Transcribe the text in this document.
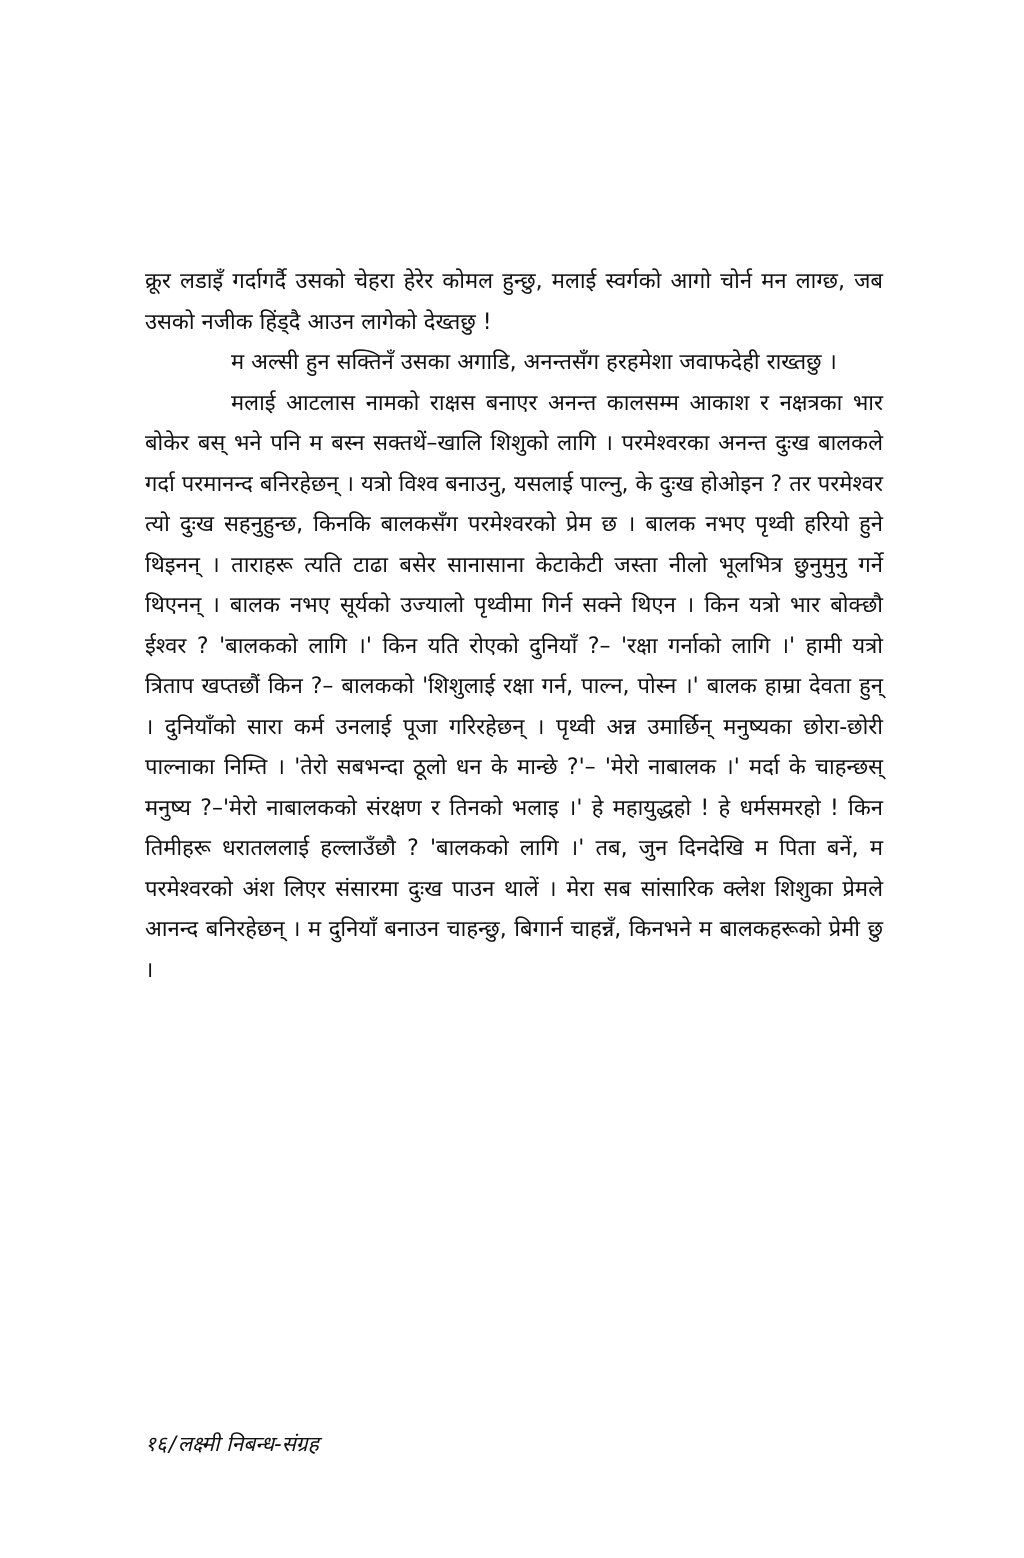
क्रूर लडाइँ गर्दागर्दै उसको चेहरा हेरेर कोमल हुन्छु, मलाई स्वर्गको आगो चोर्न मन लाग्छ, जब उसको नजीक हिंड्दै आउन लागेको देख्तछु !

म अल्सी हुन सक्तिनँ उसका अगाडि, अनन्तसँग हरहमेशा जवाफदेही राख्तछु ।

मलाई आटलास नामको राक्षस बनाएर अनन्त कालसम्म आकाश र नक्षत्रका भार बोकेर बस् भने पनि म बस्न सक्तथें–खालि शिशुको लागि । परमेश्वरका अनन्त दुःख बालकले गर्दा परमानन्द बनिरहेछन् । यत्रो विश्व बनाउनु, यसलाई पाल्नु, के दुःख होओइन ? तर परमेश्वर त्यो दुःख सहनुहुन्छ, किनकि बालकसँग परमेश्वरको प्रेम छ । बालक नभए पृथ्वी हरियो हुने थिइनन् । ताराहरू त्यति टाढा बसेर सानासाना केटाकेटी जस्ता नीलो भूलभित्र छुनुमुनु गर्ने थिएनन् । बालक नभए सूर्यको उज्यालो पृथ्वीमा गिर्न सक्ने थिएन । किन यत्रो भार बोक्छौ ईश्वर ? 'बालकको लागि ।' किन यति रोएको दुनियाँ ?– 'रक्षा गर्नाको लागि ।' हामी यत्रो त्रिताप खप्तछौं किन ?– बालकको 'शिशुलाई रक्षा गर्न, पाल्न, पोस्न ।' बालक हाम्रा देवता हुन् । दुनियाँको सारा कर्म उनलाई पूजा गरिरहेछन् । पृथ्वी अन्न उमार्छिन् मनुष्यका छोरा-छोरी पाल्नाका निम्ति । 'तेरो सबभन्दा ठूलो धन के मान्छे ?'– 'मेरो नाबालक ।' मर्दा के चाहन्छस् मनुष्य ?–'मेरो नाबालकको संरक्षण र तिनको भलाइ ।' हे महायुद्धहो ! हे धर्मसमरहो ! किन तिमीहरू धरातललाई हल्लाउँछौ ? 'बालकको लागि ।' तब, जुन दिनदेखि म पिता बनें, म परमेश्वरको अंश लिएर संसारमा दुःख पाउन थालें । मेरा सब सांसारिक क्लेश शिशुका प्रेमले आनन्द बनिरहेछन् । म दुनियाँ बनाउन चाहन्छु, बिगार्न चाहन्नँ, किनभने म बालकहरूको प्रेमी छु ।

१६/लक्ष्मी निबन्ध-संग्रह
